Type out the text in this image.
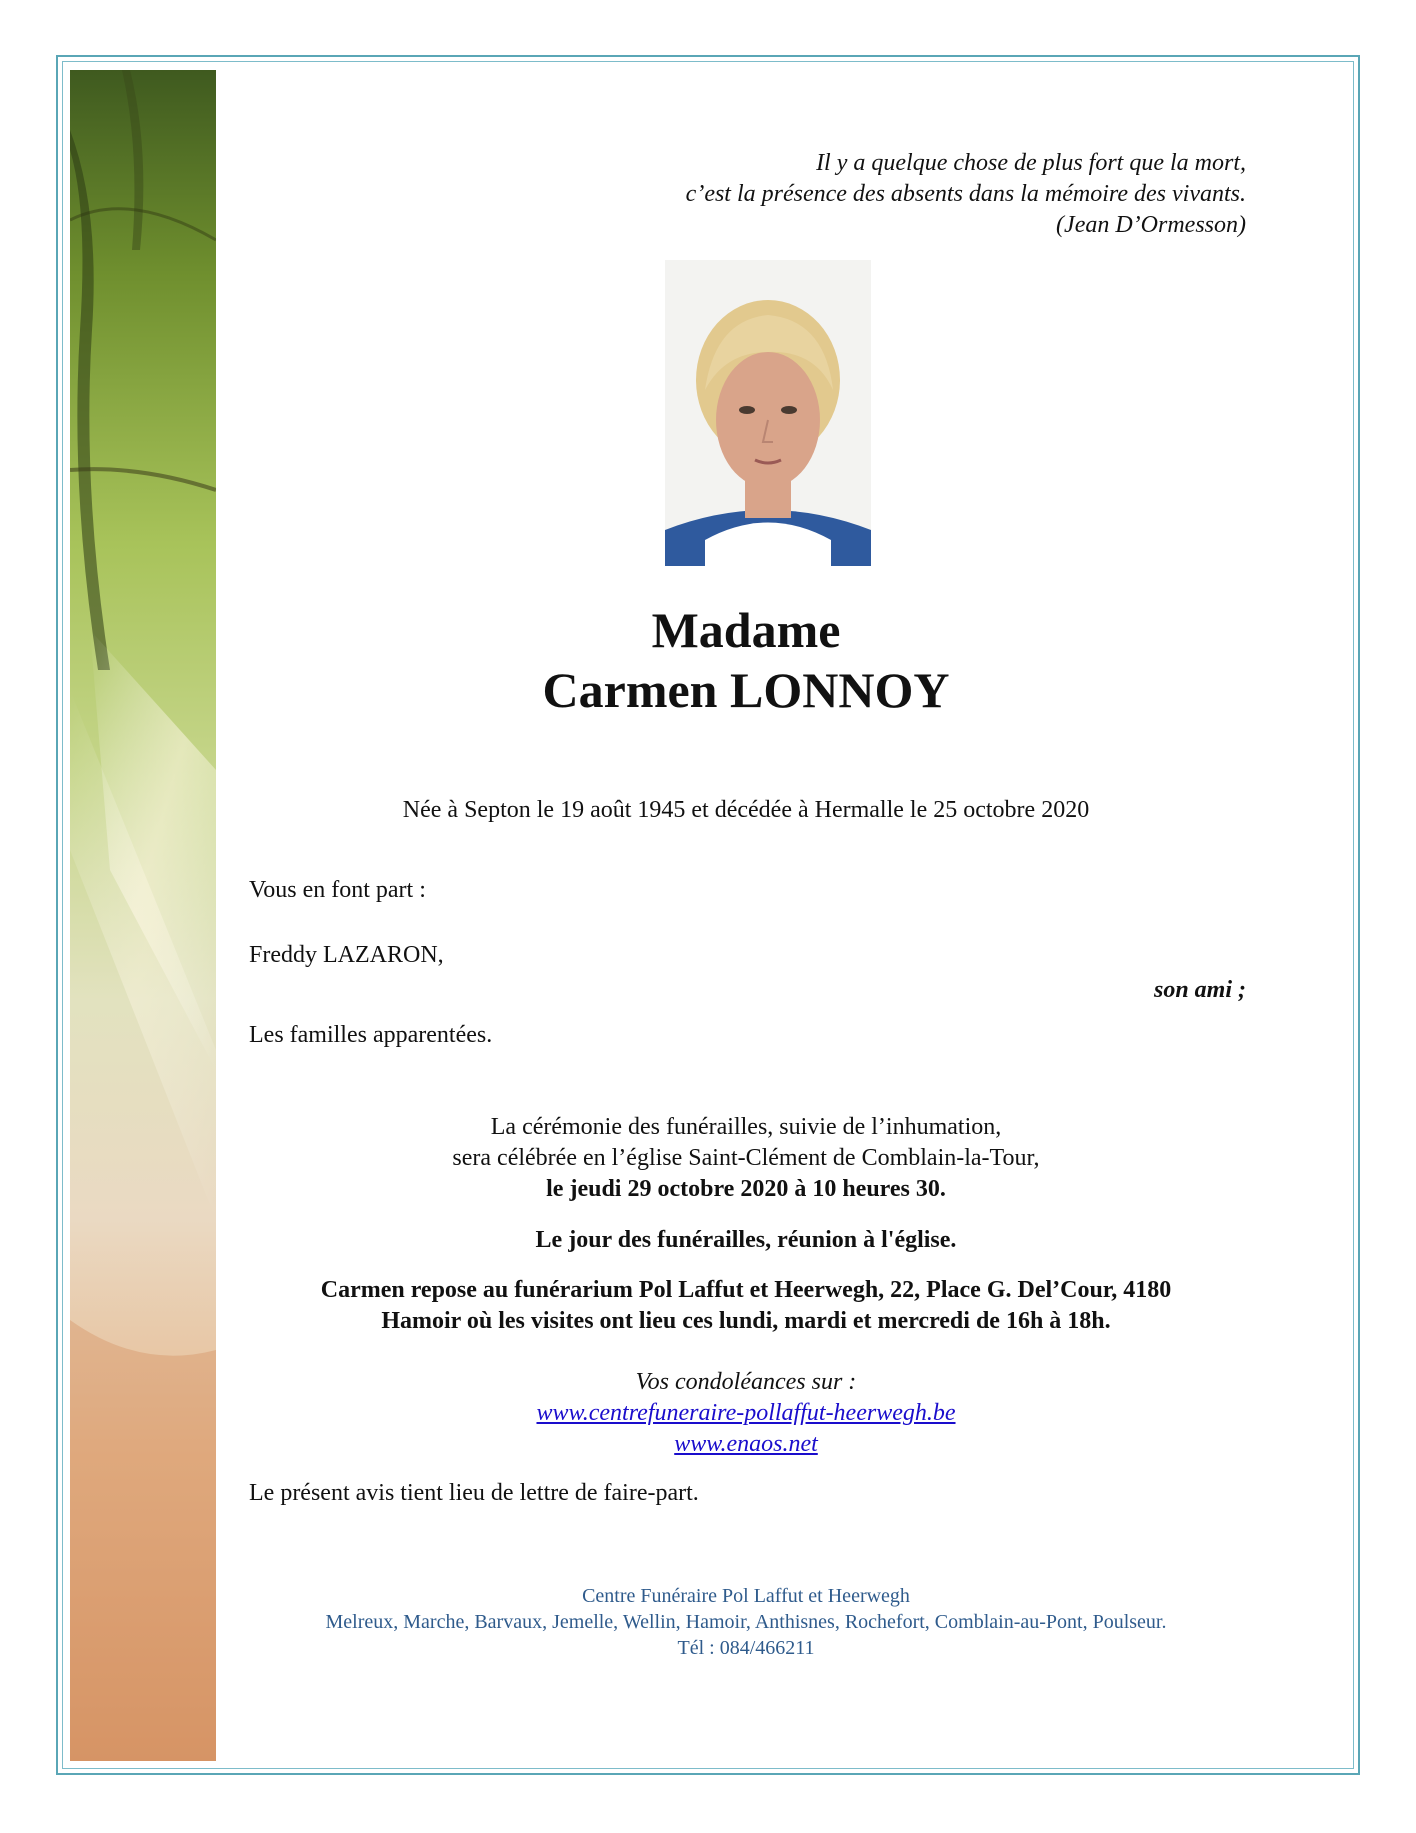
Il y a quelque chose de plus fort que la mort,
c’est la présence des absents dans la mémoire des vivants.
(Jean D’Ormesson)
Madame
Carmen LONNOY
Née à Septon le 19 août 1945 et décédée à Hermalle le 25 octobre 2020
Vous en font part :
Freddy LAZARON,
son ami ;
Les familles apparentées.
La cérémonie des funérailles, suivie de l’inhumation,
sera célébrée en l’église Saint-Clément de Comblain-la-Tour,
le jeudi 29 octobre 2020 à 10 heures 30.
Le jour des funérailles, réunion à l'église.
Carmen repose au funérarium Pol Laffut et Heerwegh, 22, Place G. Del’Cour, 4180
Hamoir où les visites ont lieu ces lundi, mardi et mercredi de 16h à 18h.
Vos condoléances sur :
www.centrefuneraire-pollaffut-heerwegh.be
www.enaos.net
Le présent avis tient lieu de lettre de faire-part.
Centre Funéraire Pol Laffut et Heerwegh
Melreux, Marche, Barvaux, Jemelle, Wellin, Hamoir, Anthisnes, Rochefort, Comblain-au-Pont, Poulseur.
Tél : 084/466211
